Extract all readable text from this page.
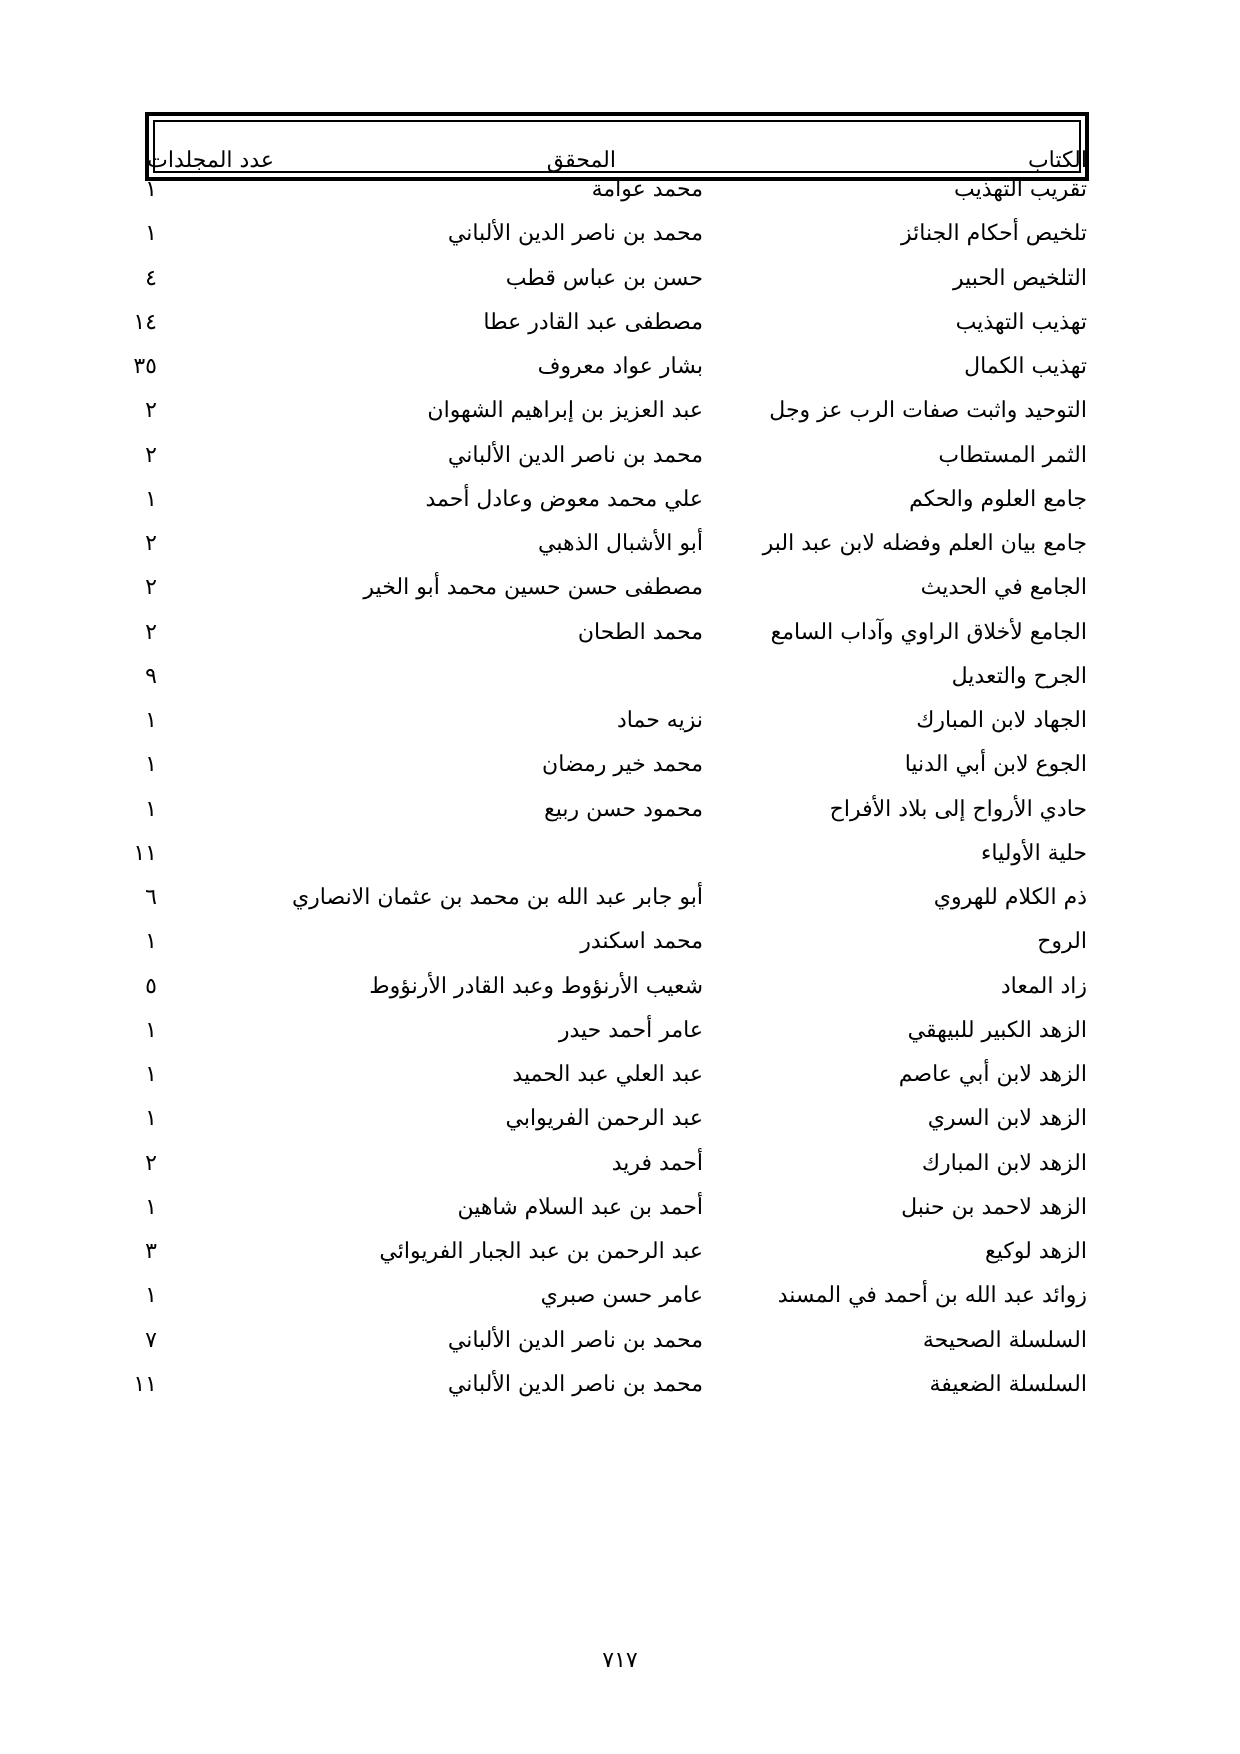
الكتاب
المحقق
عدد المجلدات
تقريب التهذيب
محمد عوامة
١
تلخيص أحكام الجنائز
محمد بن ناصر الدين الألباني
١
التلخيص الحبير
حسن بن عباس قطب
٤
تهذيب التهذيب
مصطفى عبد القادر عطا
١٤
تهذيب الكمال
بشار عواد معروف
٣٥
التوحيد واثبت صفات الرب عز وجل
عبد العزيز بن إبراهيم الشهوان
٢
الثمر المستطاب
محمد بن ناصر الدين الألباني
٢
جامع العلوم والحكم
علي محمد معوض وعادل أحمد
١
جامع بيان العلم وفضله لابن عبد البر
أبو الأشبال الذهبي
٢
الجامع في الحديث
مصطفى حسن حسين محمد أبو الخير
٢
الجامع لأخلاق الراوي وآداب السامع
محمد الطحان
٢
الجرح والتعديل
٩
الجهاد لابن المبارك
نزيه حماد
١
الجوع لابن أبي الدنيا
محمد خير رمضان
١
حادي الأرواح إلى بلاد الأفراح
محمود حسن ربيع
١
حلية الأولياء
١١
ذم الكلام للهروي
أبو جابر عبد الله بن محمد بن عثمان الانصاري
٦
الروح
محمد اسكندر
١
زاد المعاد
شعيب الأرنؤوط وعبد القادر الأرنؤوط
٥
الزهد الكبير للبيهقي
عامر أحمد حيدر
١
الزهد لابن أبي عاصم
عبد العلي عبد الحميد
١
الزهد لابن السري
عبد الرحمن الفريوابي
١
الزهد لابن المبارك
أحمد فريد
٢
الزهد لاحمد بن حنبل
أحمد بن عبد السلام شاهين
١
الزهد لوكيع
عبد الرحمن بن عبد الجبار الفريوائي
٣
زوائد عبد الله بن أحمد في المسند
عامر حسن صبري
١
السلسلة الصحيحة
محمد بن ناصر الدين الألباني
٧
السلسلة الضعيفة
محمد بن ناصر الدين الألباني
١١
٧١٧
